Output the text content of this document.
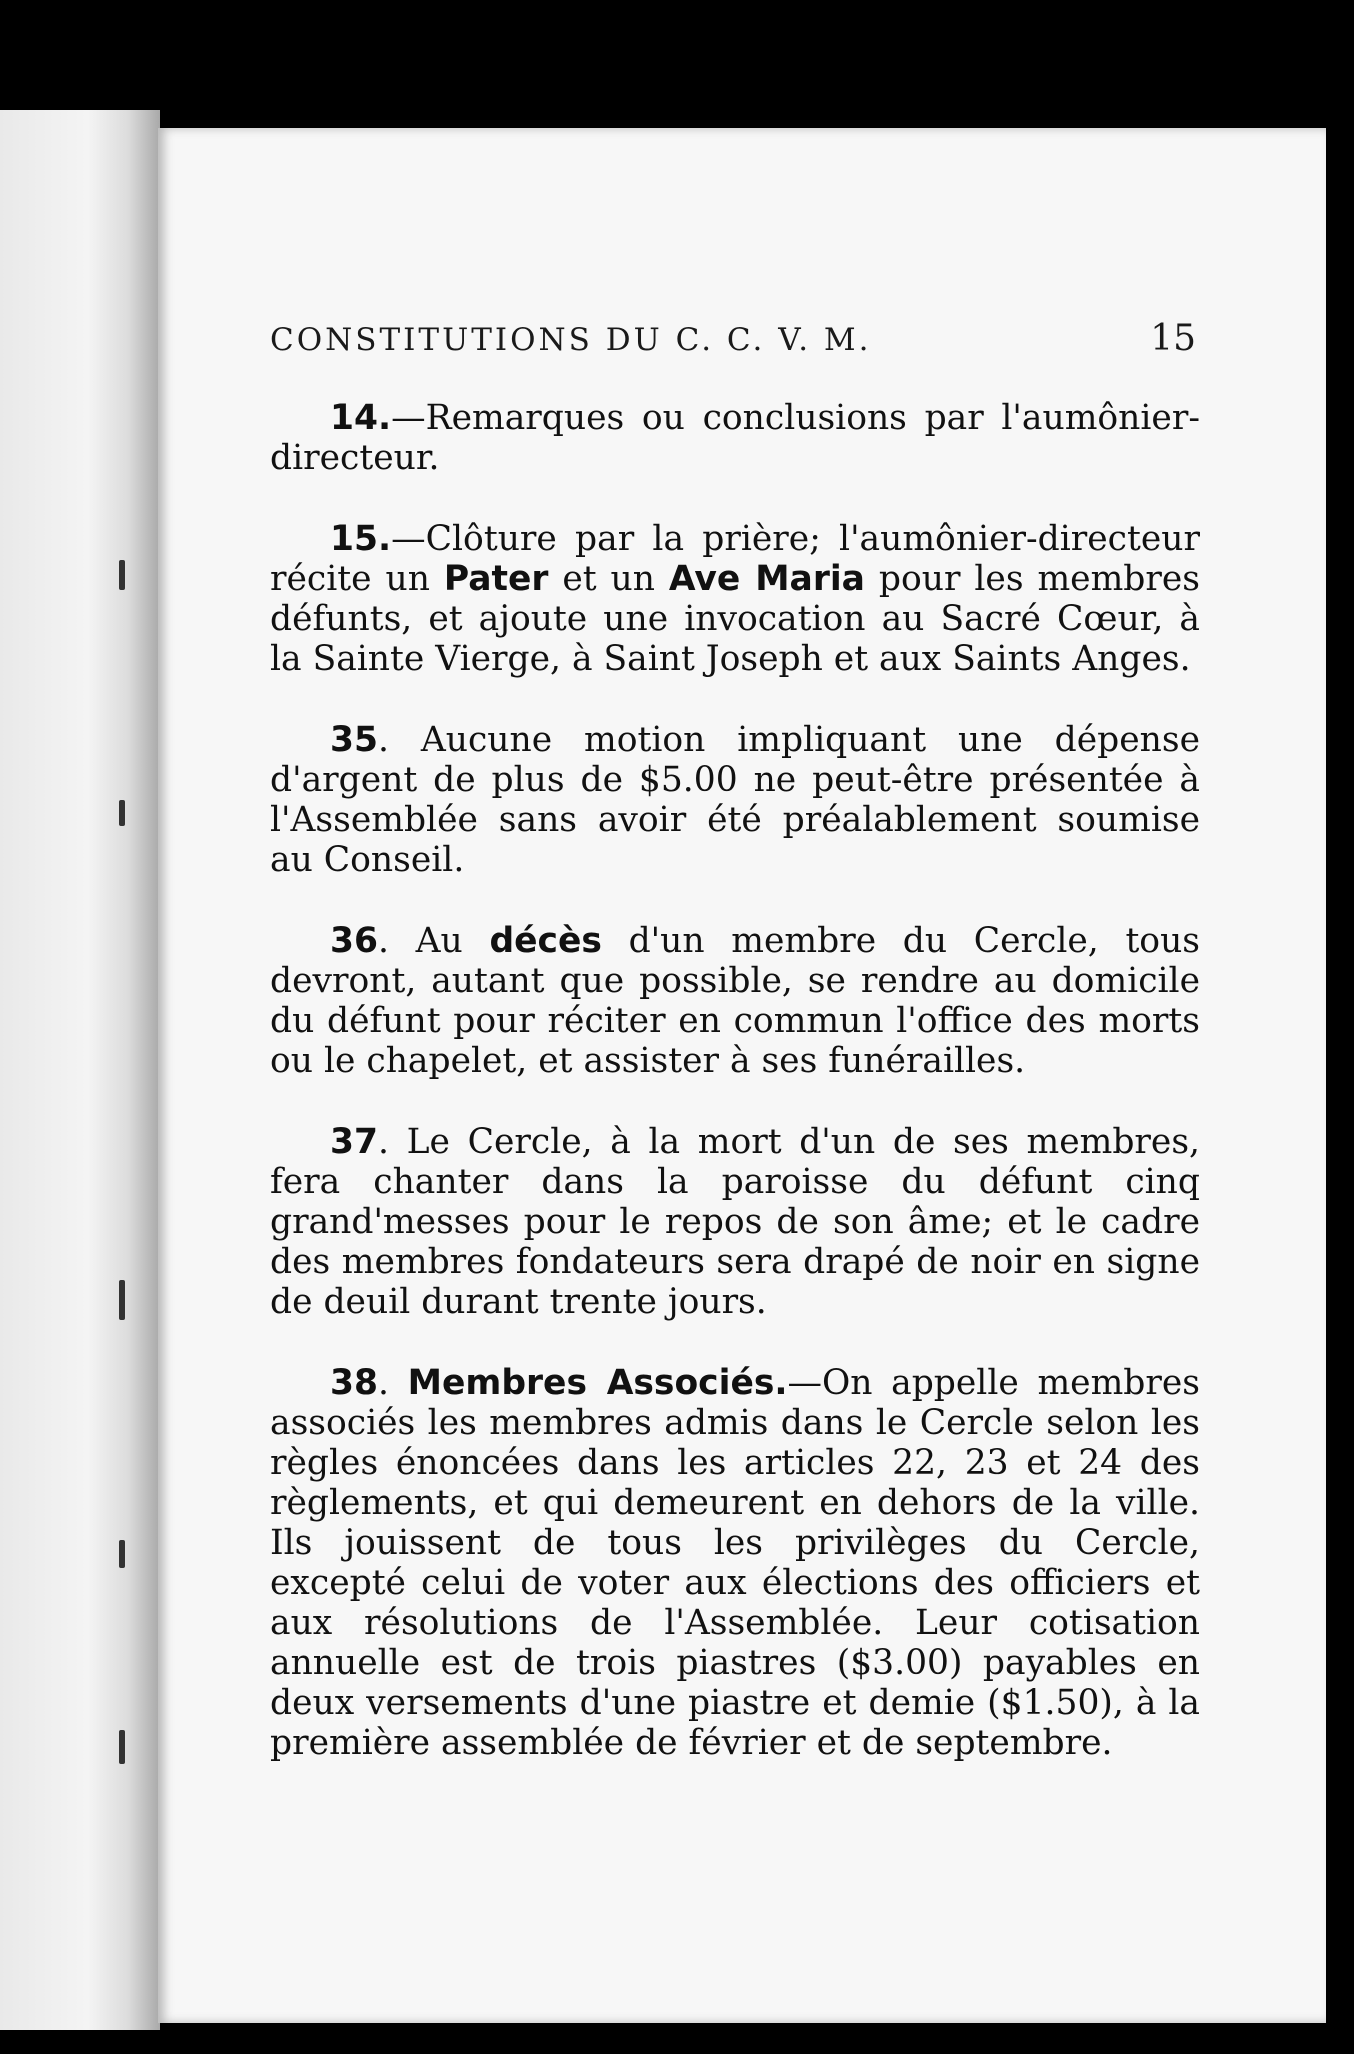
CONSTITUTIONS DU C. C. V. M.	15

14.—Remarques ou conclusions par l'aumônier-directeur.

15.—Clôture par la prière; l'aumônier-directeur récite un Pater et un Ave Maria pour les membres défunts, et ajoute une invocation au Sacré Cœur, à la Sainte Vierge, à Saint Joseph et aux Saints Anges.

35. Aucune motion impliquant une dépense d'argent de plus de $5.00 ne peut-être présentée à l'Assemblée sans avoir été préalablement soumise au Conseil.

36. Au décès d'un membre du Cercle, tous devront, autant que possible, se rendre au domicile du défunt pour réciter en commun l'office des morts ou le chapelet, et assister à ses funérailles.

37. Le Cercle, à la mort d'un de ses membres, fera chanter dans la paroisse du défunt cinq grand'messes pour le repos de son âme; et le cadre des membres fondateurs sera drapé de noir en signe de deuil durant trente jours.

38. Membres Associés.—On appelle membres associés les membres admis dans le Cercle selon les règles énoncées dans les articles 22, 23 et 24 des règlements, et qui demeurent en dehors de la ville. Ils jouissent de tous les privilèges du Cercle, excepté celui de voter aux élections des officiers et aux résolutions de l'Assemblée. Leur cotisation annuelle est de trois piastres ($3.00) payables en deux versements d'une piastre et demie ($1.50), à la première assemblée de février et de septembre.
